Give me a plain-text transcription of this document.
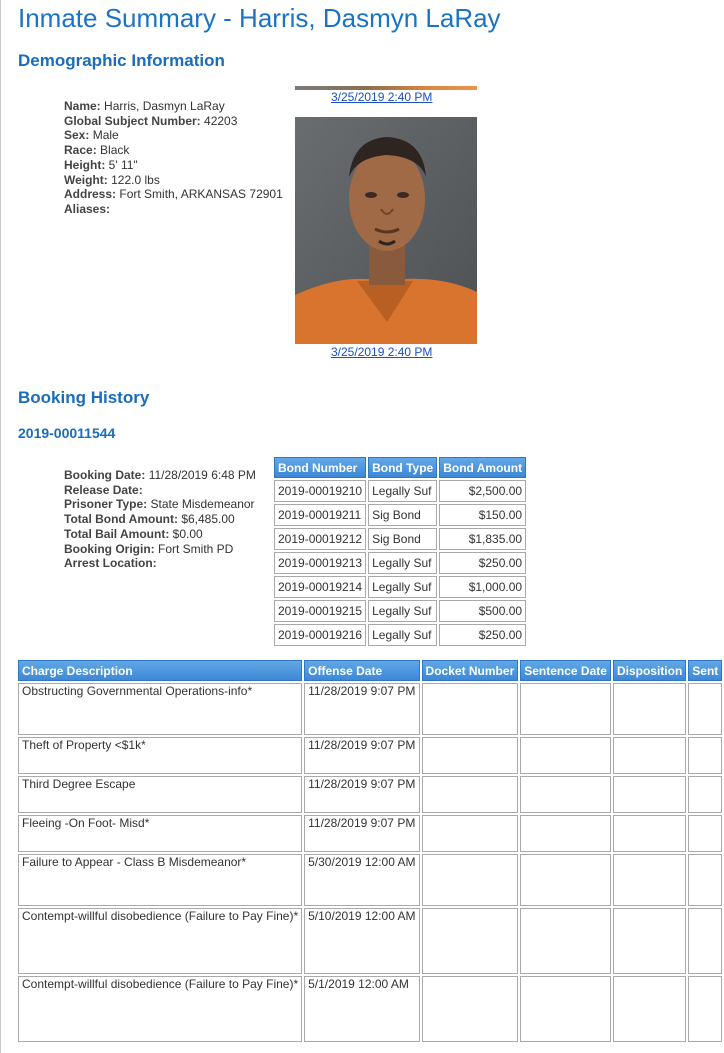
Inmate Summary - Harris, Dasmyn LaRay
Demographic Information
Name: Harris, Dasmyn LaRay
Global Subject Number: 42203
Sex: Male
Race: Black
Height: 5' 11"
Weight: 122.0 lbs
Address: Fort Smith, ARKANSAS 72901
Aliases:
3/25/2019 2:40 PM
3/25/2019 2:40 PM
Booking History
2019-00011544
Booking Date: 11/28/2019 6:48 PM
Release Date:
Prisoner Type: State Misdemeanor
Total Bond Amount: $6,485.00
Total Bail Amount: $0.00
Booking Origin: Fort Smith PD
Arrest Location:
Bond Number	Bond Type	Bond Amount
2019-00019210	Legally Suf	$2,500.00
2019-00019211	Sig Bond	$150.00
2019-00019212	Sig Bond	$1,835.00
2019-00019213	Legally Suf	$250.00
2019-00019214	Legally Suf	$1,000.00
2019-00019215	Legally Suf	$500.00
2019-00019216	Legally Suf	$250.00
Charge Description	Offense Date	Docket Number	Sentence Date	Disposition	Sent
Obstructing Governmental Operations-info*	11/28/2019 9:07 PM				
Theft of Property <$1k*	11/28/2019 9:07 PM				
Third Degree Escape	11/28/2019 9:07 PM				
Fleeing -On Foot- Misd*	11/28/2019 9:07 PM				
Failure to Appear - Class B Misdemeanor*	5/30/2019 12:00 AM				
Contempt-willful disobedience (Failure to Pay Fine)*	5/10/2019 12:00 AM				
Contempt-willful disobedience (Failure to Pay Fine)*	5/1/2019 12:00 AM				
